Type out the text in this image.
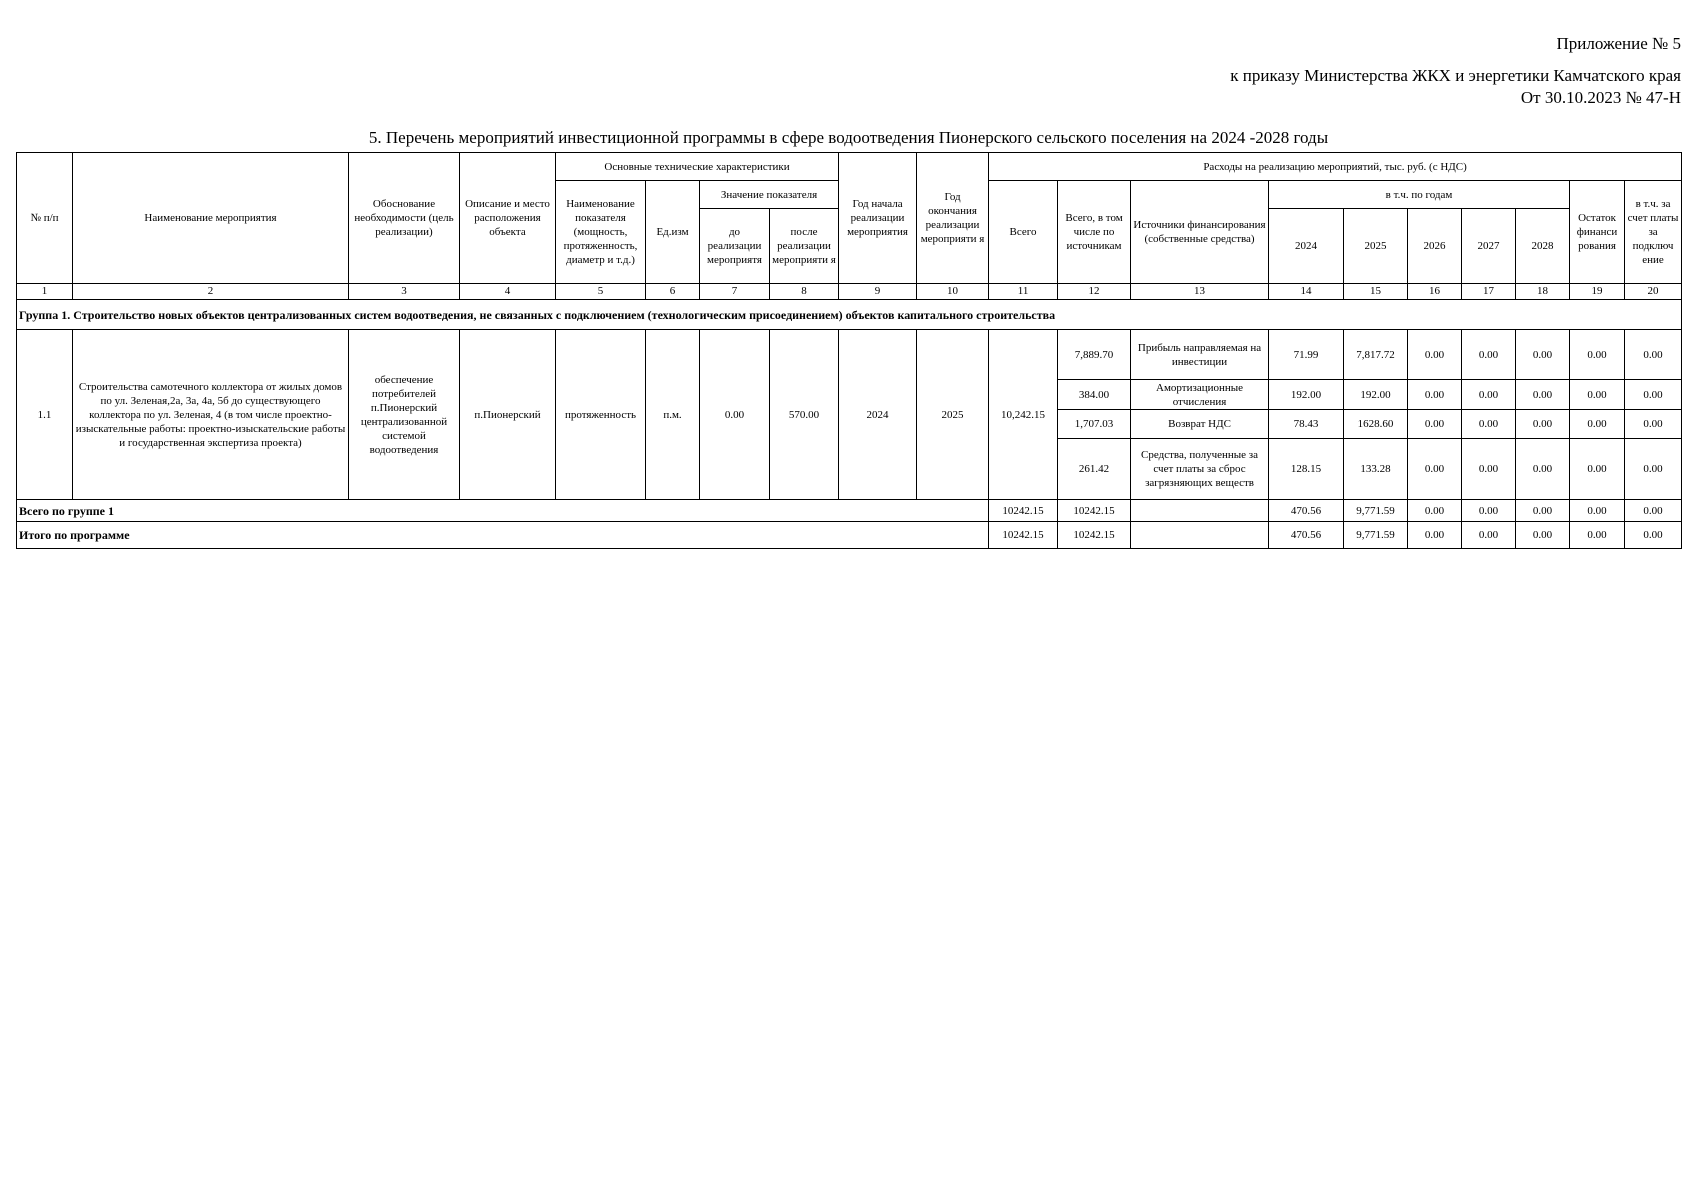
Приложение № 5
к приказу Министерства ЖКХ и энергетики Камчатского края
От 30.10.2023 № 47-Н
5. Перечень мероприятий инвестиционной программы в сфере водоотведения Пионерского сельского поселения на 2024 -2028 годы
№ п/п	Наименование мероприятия	Обоснование необходимости (цель реализации)	Описание и место расположения объекта	Основные технические характеристики				Год начала реализации мероприятия	Год окончания реализации мероприяти я	Расходы на реализацию мероприятий, тыс. руб. (с НДС)									
				Наименование показателя (мощность, протяженность, диаметр и т.д.)	Ед.изм	Значение показателя				Всего	Всего, в том числе по источникам	Источники финансирования (собственные средства)	в т.ч. по годам					Остаток финанси рования	в т.ч. за счет платы за подключ ение
						до реализации мероприятя	после реализации мероприяти я						2024	2025	2026	2027	2028		
1	2	3	4	5	6	7	8	9	10	11	12	13	14	15	16	17	18	19	20
Группа 1. Строительство новых объектов централизованных систем водоотведения, не связанных с подключением (технологическим присоединением) объектов капитального строительства																			
1.1	Строительства самотечного коллектора от жилых домов по ул. Зеленая,2а, 3а, 4а, 5б до существующего коллектора по ул. Зеленая, 4 (в том числе проектно-изыскательные работы: проектно-изыскательские работы и государственная экспертиза проекта)	обеспечение потребителей п.Пионерский централизованной системой водоотведения	п.Пионерский	протяженность	п.м.	0.00	570.00	2024	2025	10,242.15	7,889.70	Прибыль направляемая на инвестиции	71.99	7,817.72	0.00	0.00	0.00	0.00	0.00
											384.00	Амортизационные отчисления	192.00	192.00	0.00	0.00	0.00	0.00	0.00
											1,707.03	Возврат НДС	78.43	1628.60	0.00	0.00	0.00	0.00	0.00
											261.42	Средства, полученные за счет платы за сброс загрязняющих веществ	128.15	133.28	0.00	0.00	0.00	0.00	0.00
Всего по группе 1										10242.15	10242.15		470.56	9,771.59	0.00	0.00	0.00	0.00	0.00
Итого по программе										10242.15	10242.15		470.56	9,771.59	0.00	0.00	0.00	0.00	0.00
